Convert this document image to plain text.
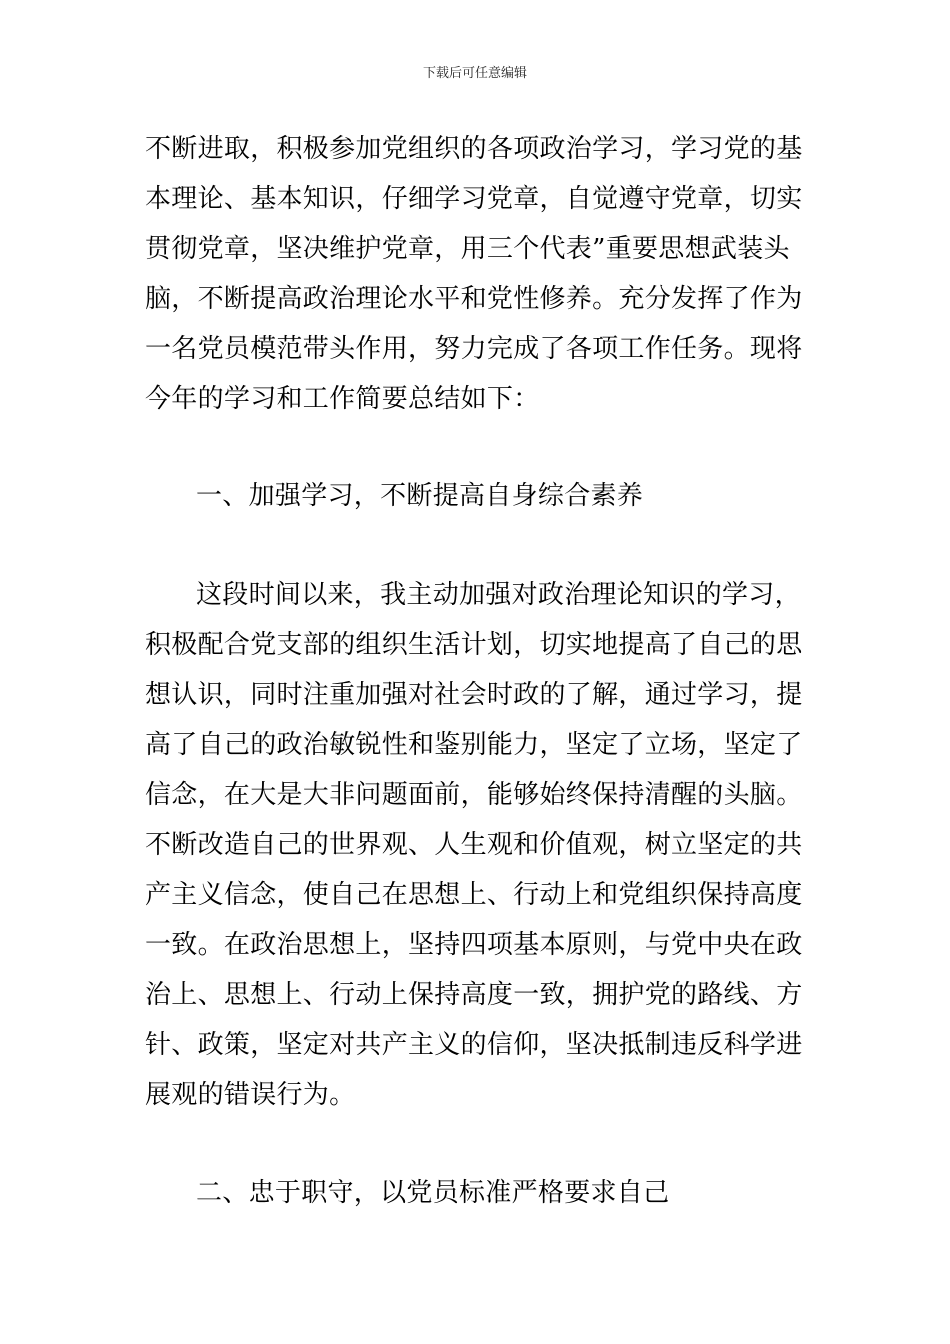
下载后可任意编辑
不断进取，积极参加党组织的各项政治学习，学习党的基
本理论、基本知识，仔细学习党章，自觉遵守党章，切实
贯彻党章，坚决维护党章，用三个代表”重要思想武装头
脑，不断提高政治理论水平和党性修养。充分发挥了作为
一名党员模范带头作用，努力完成了各项工作任务。现将
今年的学习和工作简要总结如下：
一、加强学习，不断提高自身综合素养
这段时间以来，我主动加强对政治理论知识的学习，
积极配合党支部的组织生活计划，切实地提高了自己的思
想认识，同时注重加强对社会时政的了解，通过学习，提
高了自己的政治敏锐性和鉴别能力，坚定了立场，坚定了
信念，在大是大非问题面前，能够始终保持清醒的头脑。
不断改造自己的世界观、人生观和价值观，树立坚定的共
产主义信念，使自己在思想上、行动上和党组织保持高度
一致。在政治思想上，坚持四项基本原则，与党中央在政
治上、思想上、行动上保持高度一致，拥护党的路线、方
针、政策，坚定对共产主义的信仰，坚决抵制违反科学进
展观的错误行为。
二、忠于职守，以党员标准严格要求自己
